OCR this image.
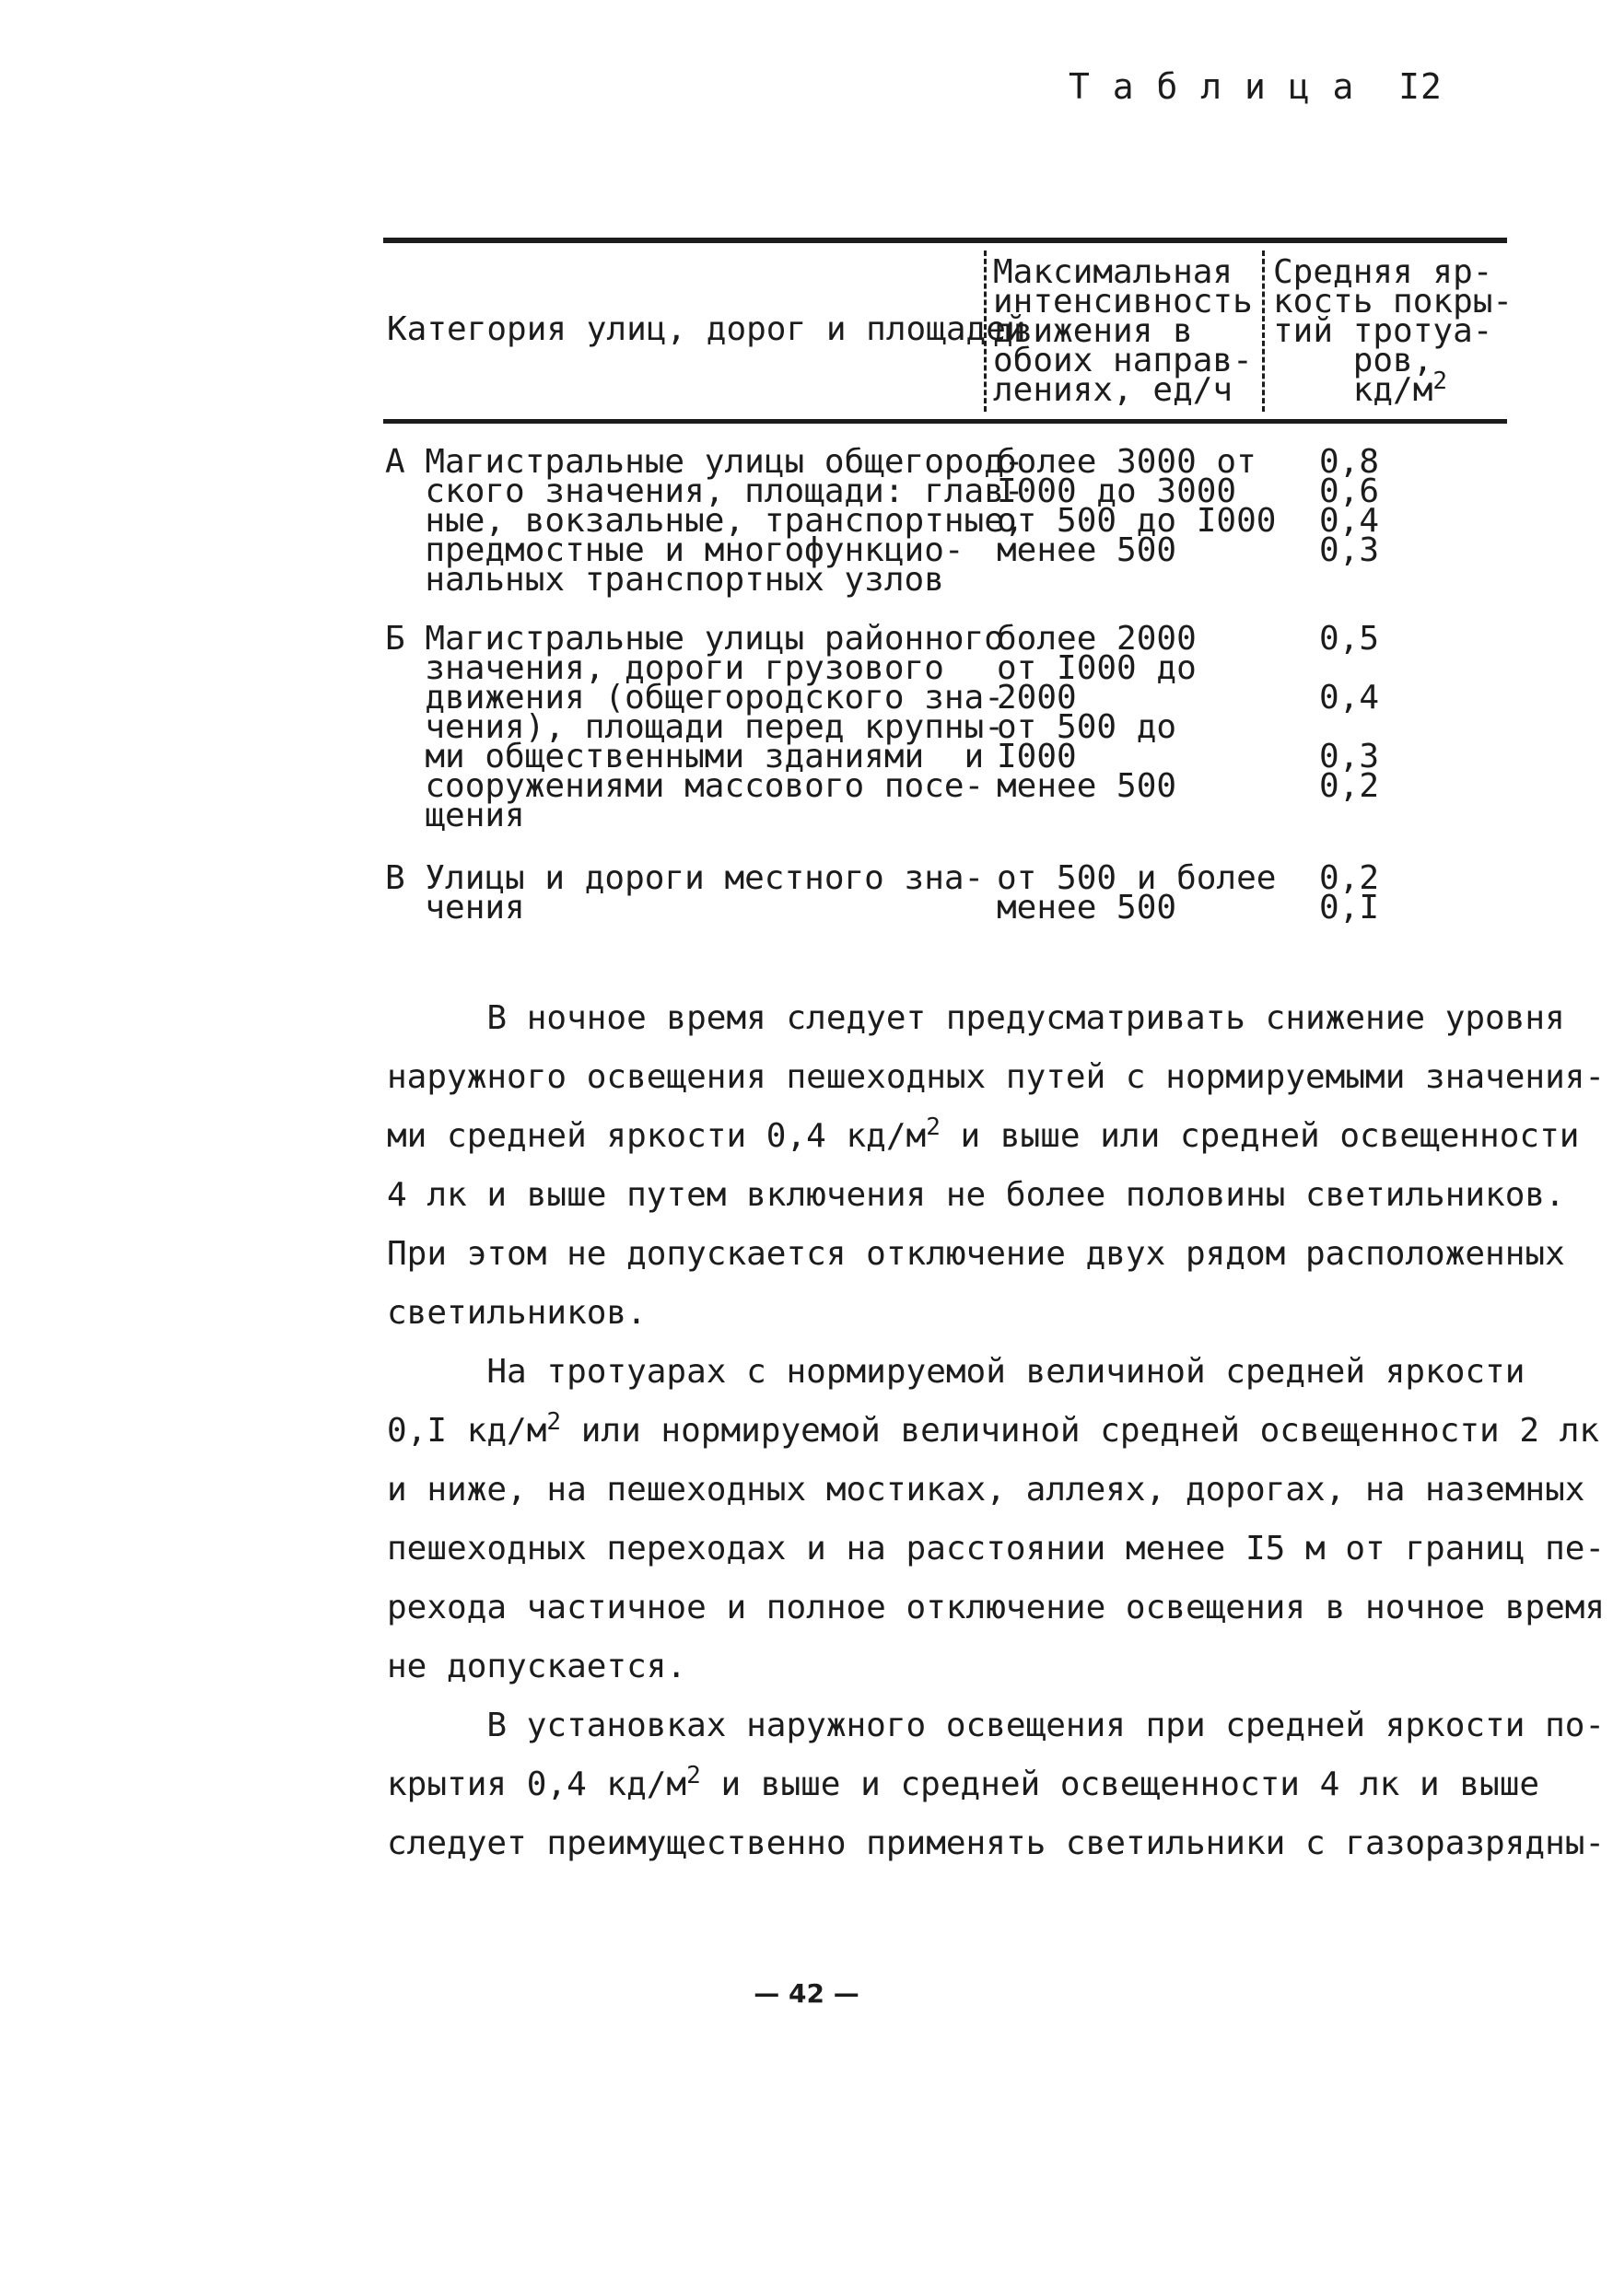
Т а б л и ц а  I2
Категория улиц, дорог и площадей
Максимальная
интенсивность
движения в
обоих направ-
лениях, ед/ч
Средняя яр-
кость покры-
тий тротуа-
ров,
$кд/м^2$
А Магистральные улицы общегород-
ского значения, площади: глав-
ные, вокзальные, транспортные,
предмостные и многофункцио-
нальных транспортных узлов
более 3000 от
I000 до 3000
от 500 до I000
менее 500
0,8
0,6
0,4
0,3
Б Магистральные улицы районного
значения, дороги грузового
движения (общегородского зна-
чения), площади перед крупны-
ми общественными зданиями  и
сооружениями массового посе-
щения
более 2000
от I000 до
2000
от 500 до
I000
менее 500
0,5

0,4

0,3
0,2
В Улицы и дороги местного зна-
чения
от 500 и более
менее 500
0,2
0,I
В ночное время следует предусматривать снижение уровня
наружного освещения пешеходных путей с нормируемыми значения-
ми средней яркости 0,4 $кд/м^2$ и выше или средней освещенности
4 лк и выше путем включения не более половины светильников.
При этом не допускается отключение двух рядом расположенных
светильников.
На тротуарах с нормируемой величиной средней яркости
0,I $кд/м^2$ или нормируемой величиной средней освещенности 2 лк
и ниже, на пешеходных мостиках, аллеях, дорогах, на наземных
пешеходных переходах и на расстоянии менее I5 м от границ пе-
рехода частичное и полное отключение освещения в ночное время
не допускается.
В установках наружного освещения при средней яркости по-
крытия 0,4 $кд/м^2$ и выше и средней освещенности 4 лк и выше
следует преимущественно применять светильники с газоразрядны-
— 42 —
